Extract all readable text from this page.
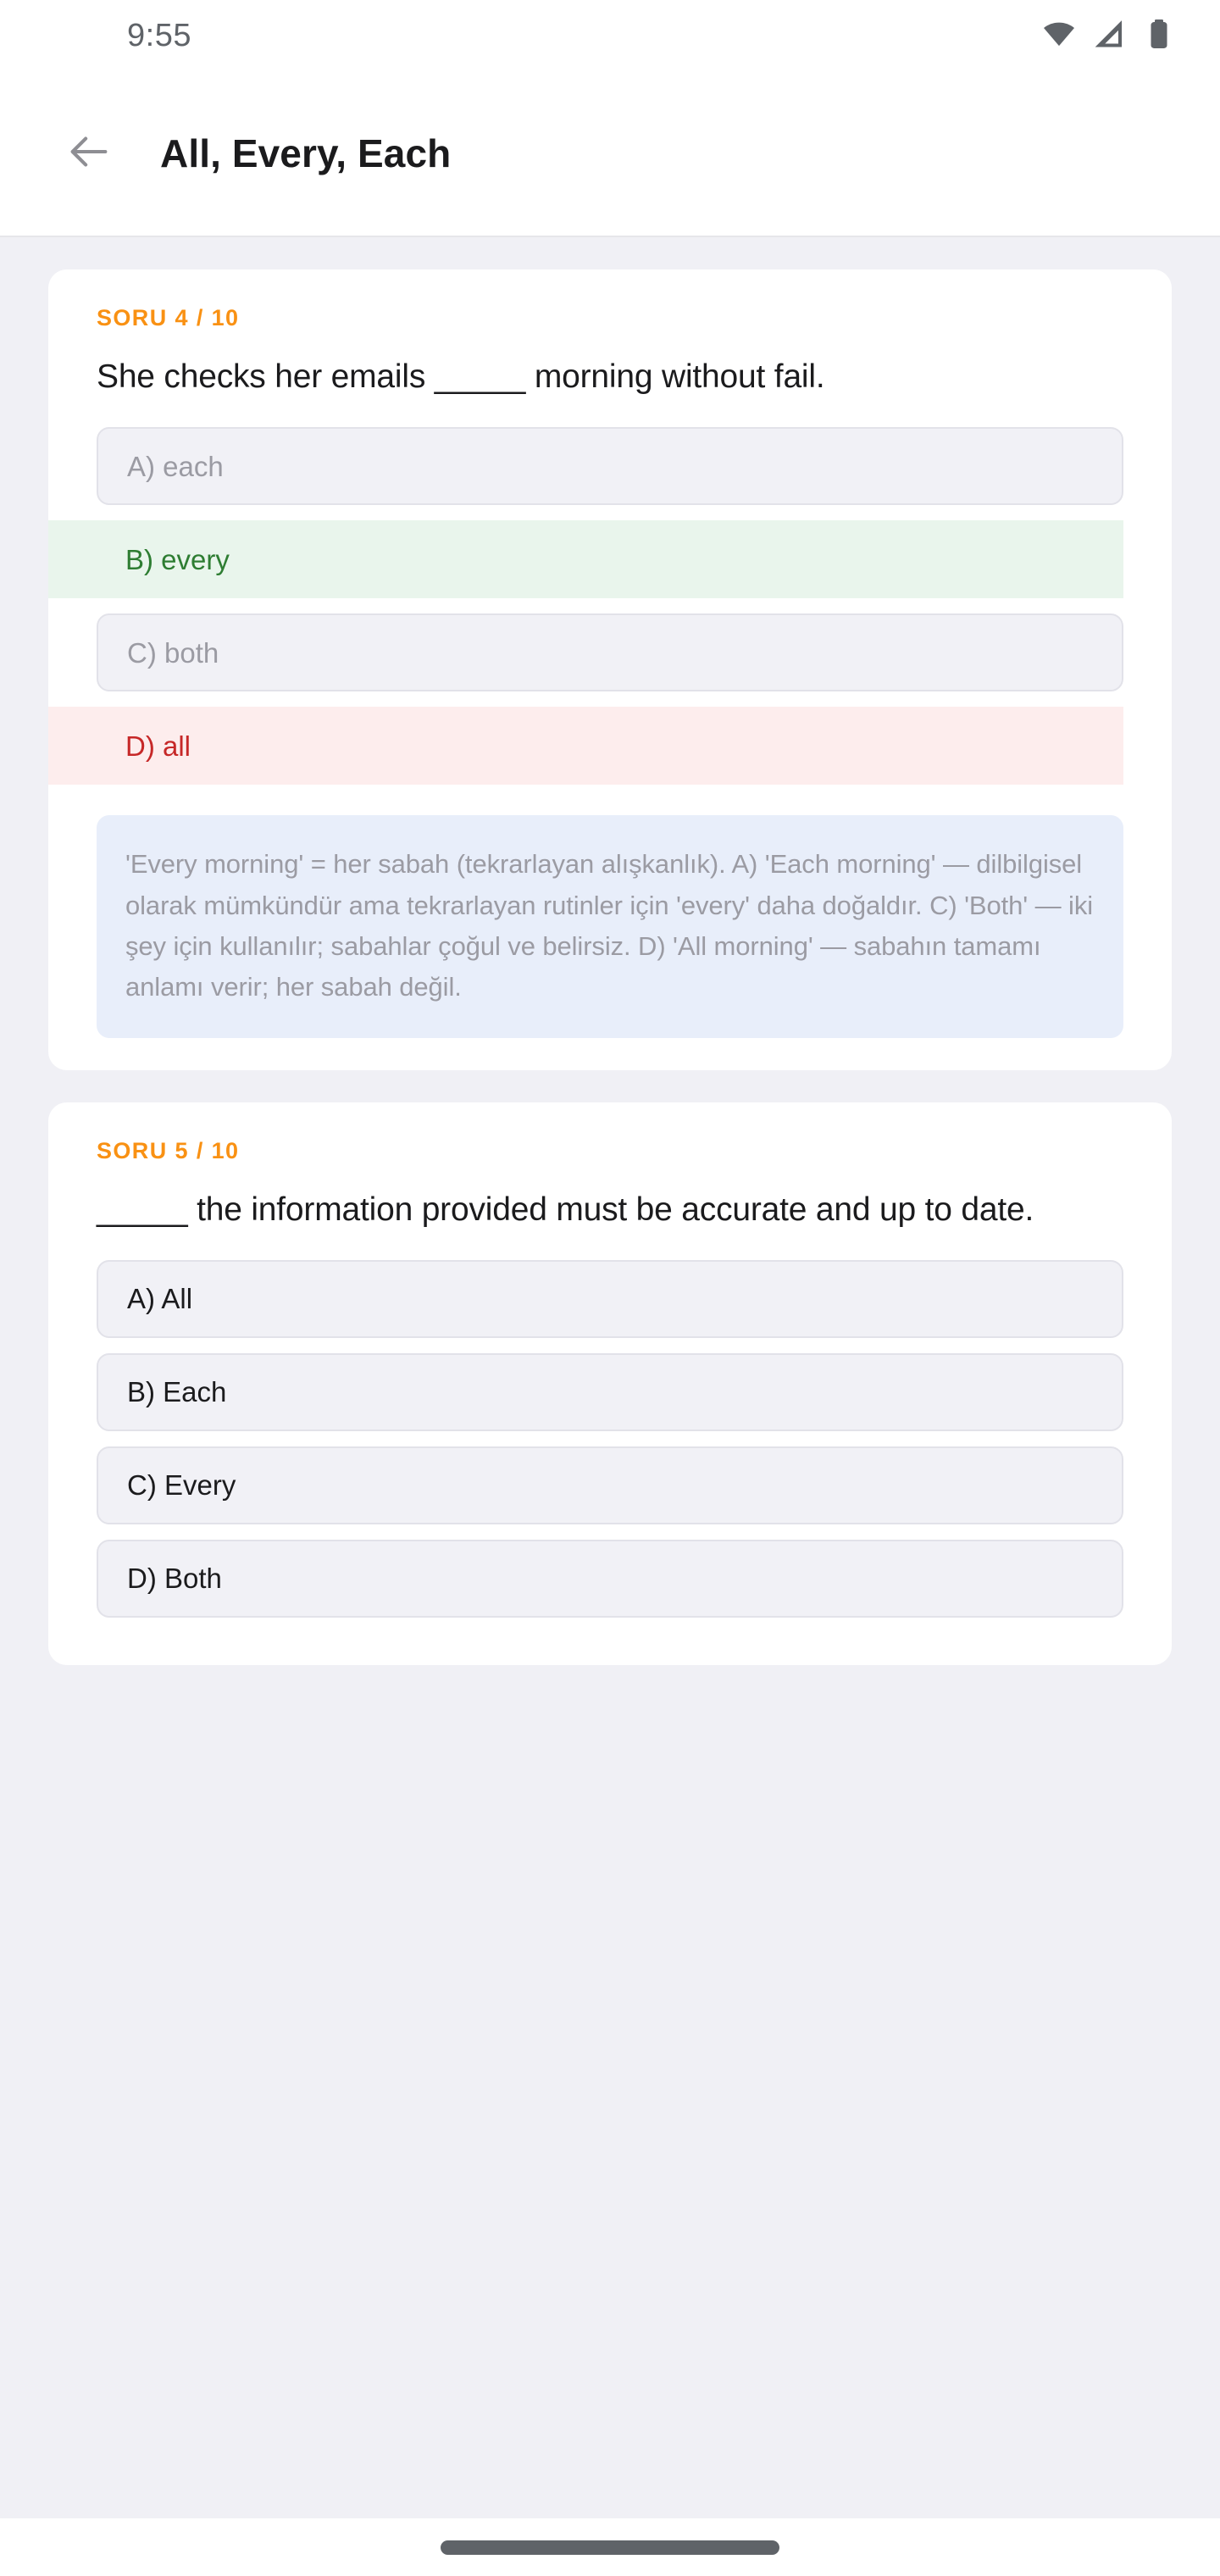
9:55
All, Every, Each
SORU 4 / 10
She checks her emails _____ morning without fail.
A) each
B) every
C) both
D) all
'Every morning' = her sabah (tekrarlayan alışkanlık). A) 'Each morning' — dilbilgisel olarak mümkündür ama tekrarlayan rutinler için 'every' daha doğaldır. C) 'Both' — iki şey için kullanılır; sabahlar çoğul ve belirsiz. D) 'All morning' — sabahın tamamı anlamı verir; her sabah değil.
SORU 5 / 10
_____ the information provided must be accurate and up to date.
A) All
B) Each
C) Every
D) Both
